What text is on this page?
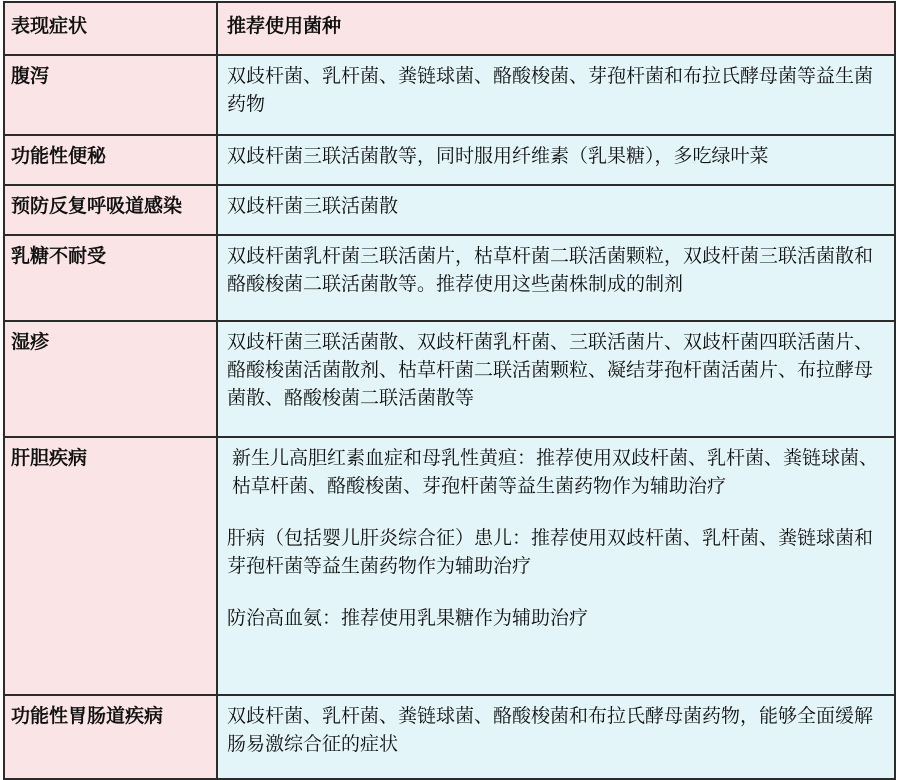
表现症状	推荐使用菌种
腹泻	双歧杆菌、乳杆菌、粪链球菌、酪酸梭菌、芽孢杆菌和布拉氏酵母菌等益生菌药物

功能性便秘	双歧杆菌三联活菌散等，同时服用纤维素（乳果糖），多吃绿叶菜

预防反复呼吸道感染	双歧杆菌三联活菌散

乳糖不耐受	双歧杆菌乳杆菌三联活菌片，枯草杆菌二联活菌颗粒，双歧杆菌三联活菌散和酪酸梭菌二联活菌散等。推荐使用这些菌株制成的制剂

湿疹	双歧杆菌三联活菌散、双歧杆菌乳杆菌、三联活菌片、双歧杆菌四联活菌片、酪酸梭菌活菌散剂、枯草杆菌二联活菌颗粒、凝结芽孢杆菌活菌片、布拉酵母菌散、酪酸梭菌二联活菌散等

肝胆疾病	新生儿高胆红素血症和母乳性黄疸：推荐使用双歧杆菌、乳杆菌、粪链球菌、枯草杆菌、酪酸梭菌、芽孢杆菌等益生菌药物作为辅助治疗
肝病（包括婴儿肝炎综合征）患儿：推荐使用双歧杆菌、乳杆菌、粪链球菌和芽孢杆菌等益生菌药物作为辅助治疗
防治高血氨：推荐使用乳果糖作为辅助治疗

功能性胃肠道疾病	双歧杆菌、乳杆菌、粪链球菌、酪酸梭菌和布拉氏酵母菌药物，能够全面缓解肠易激综合征的症状
